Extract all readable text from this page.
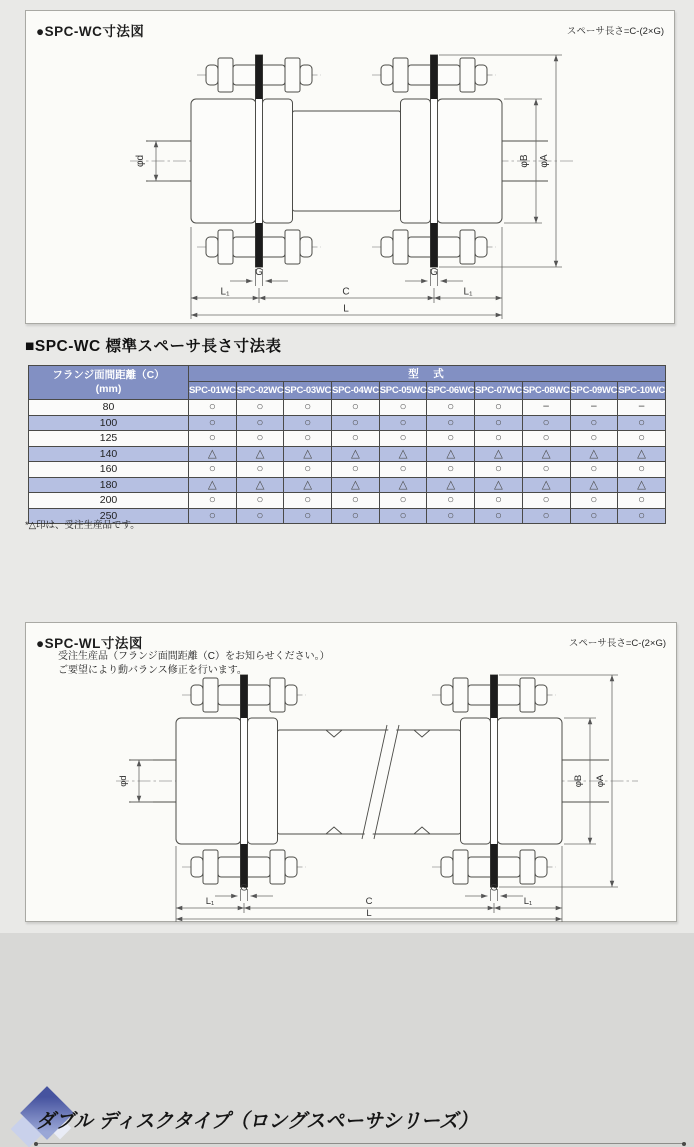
●SPC-WC寸法図	スペーサ長さ=C-(2×G)
φd	φB φA
G	G
L₁	C	L₁
L
■SPC-WC 標準スペーサ長さ寸法表
フランジ面間距離（C）
(mm)	型　式									
	SPC-01WC	SPC-02WC	SPC-03WC	SPC-04WC	SPC-05WC	SPC-06WC	SPC-07WC	SPC-08WC	SPC-09WC	SPC-10WC
80	○	○	○	○	○	○	○	−	−	−
100	○	○	○	○	○	○	○	○	○	○
125	○	○	○	○	○	○	○	○	○	○
140	△	△	△	△	△	△	△	△	△	△
160	○	○	○	○	○	○	○	○	○	○
180	△	△	△	△	△	△	△	△	△	△
200	○	○	○	○	○	○	○	○	○	○
250	○	○	○	○	○	○	○	○	○	○
*△印は、受注生産品です。
ダブル ディスクタイプ（ロングスペーサシリーズ）
●SPC-WL寸法図	スペーサ長さ=C-(2×G)
受注生産品（フランジ面間距離（C）をお知らせください。）
ご要望により動バランス修正を行います。
φd	φB φA
G	G
L₁	C	L₁
L
